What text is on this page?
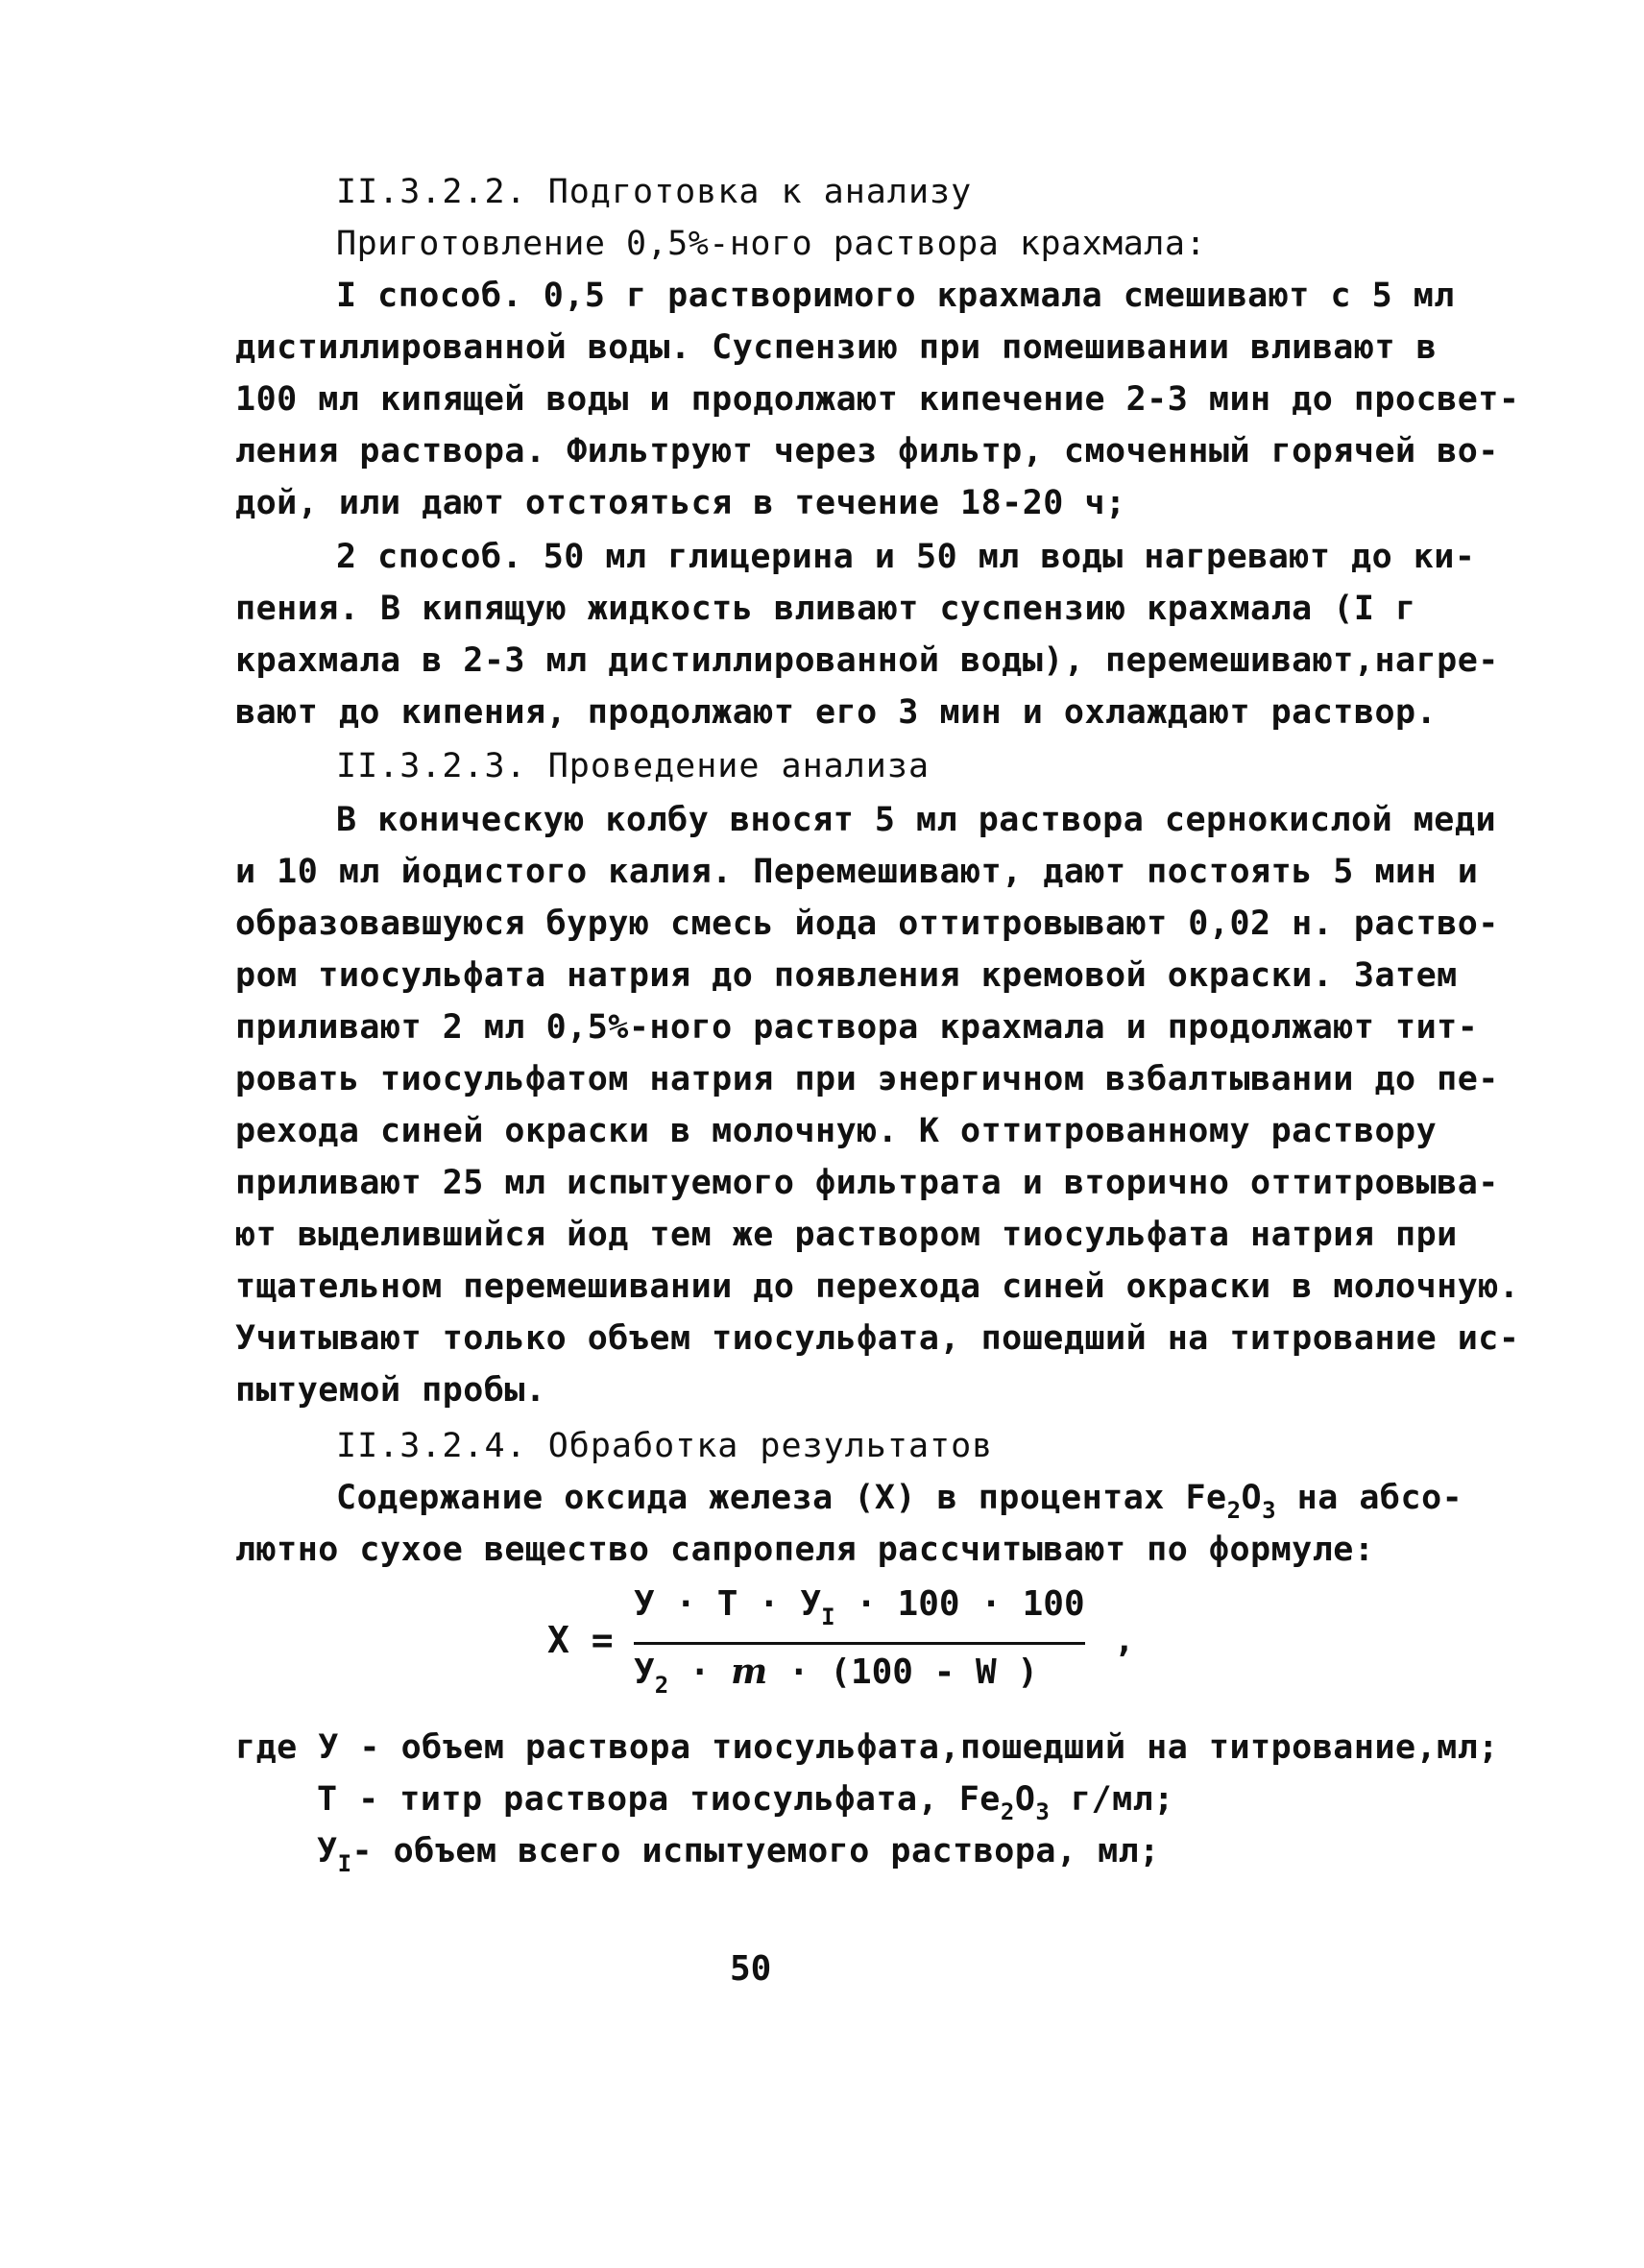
II.3.2.2. Подготовка к анализу
Приготовление 0,5%-ного раствора крахмала:
I способ. 0,5 г растворимого крахмала смешивают с 5 мл
дистиллированной воды. Суспензию при помешивании вливают в
100 мл кипящей воды и продолжают кипечение 2-3 мин до просвет-
ления раствора. Фильтруют через фильтр, смоченный горячей во-
дой, или дают отстояться в течение 18-20 ч;
2 способ. 50 мл глицерина и 50 мл воды нагревают до ки-
пения. В кипящую жидкость вливают суспензию крахмала (I г
крахмала в 2-3 мл дистиллированной воды), перемешивают,нагре-
вают до кипения, продолжают его 3 мин и охлаждают раствор.
II.3.2.3. Проведение анализа
В коническую колбу вносят 5 мл раствора сернокислой меди
и 10 мл йодистого калия. Перемешивают, дают постоять 5 мин и
образовавшуюся бурую смесь йода оттитровывают 0,02 н. раство-
ром тиосульфата натрия до появления кремовой окраски. Затем
приливают 2 мл 0,5%-ного раствора крахмала и продолжают тит-
ровать тиосульфатом натрия при энергичном взбалтывании до пе-
рехода синей окраски в молочную. К оттитрованному раствору
приливают 25 мл испытуемого фильтрата и вторично оттитровыва-
ют выделившийся йод тем же раствором тиосульфата натрия при
тщательном перемешивании до перехода синей окраски в молочную.
Учитывают только объем тиосульфата, пошедший на титрование ис-
пытуемой пробы.
II.3.2.4. Обработка результатов
Содержание оксида железа (X) в процентах $Fe_2O_3$ на абсо-
лютно сухое вещество сапропеля рассчитывают по формуле:
X =
$У \cdot Т \cdot У_I \cdot 100 \cdot 100$
$У_2 \cdot m \cdot (100 - W$ )
,
где У - объем раствора тиосульфата,пошедший на титрование,мл;
Т - титр раствора тиосульфата, $Fe_2O_3$ г/мл;
$У_I-$ объем всего испытуемого раствора, мл;
50
